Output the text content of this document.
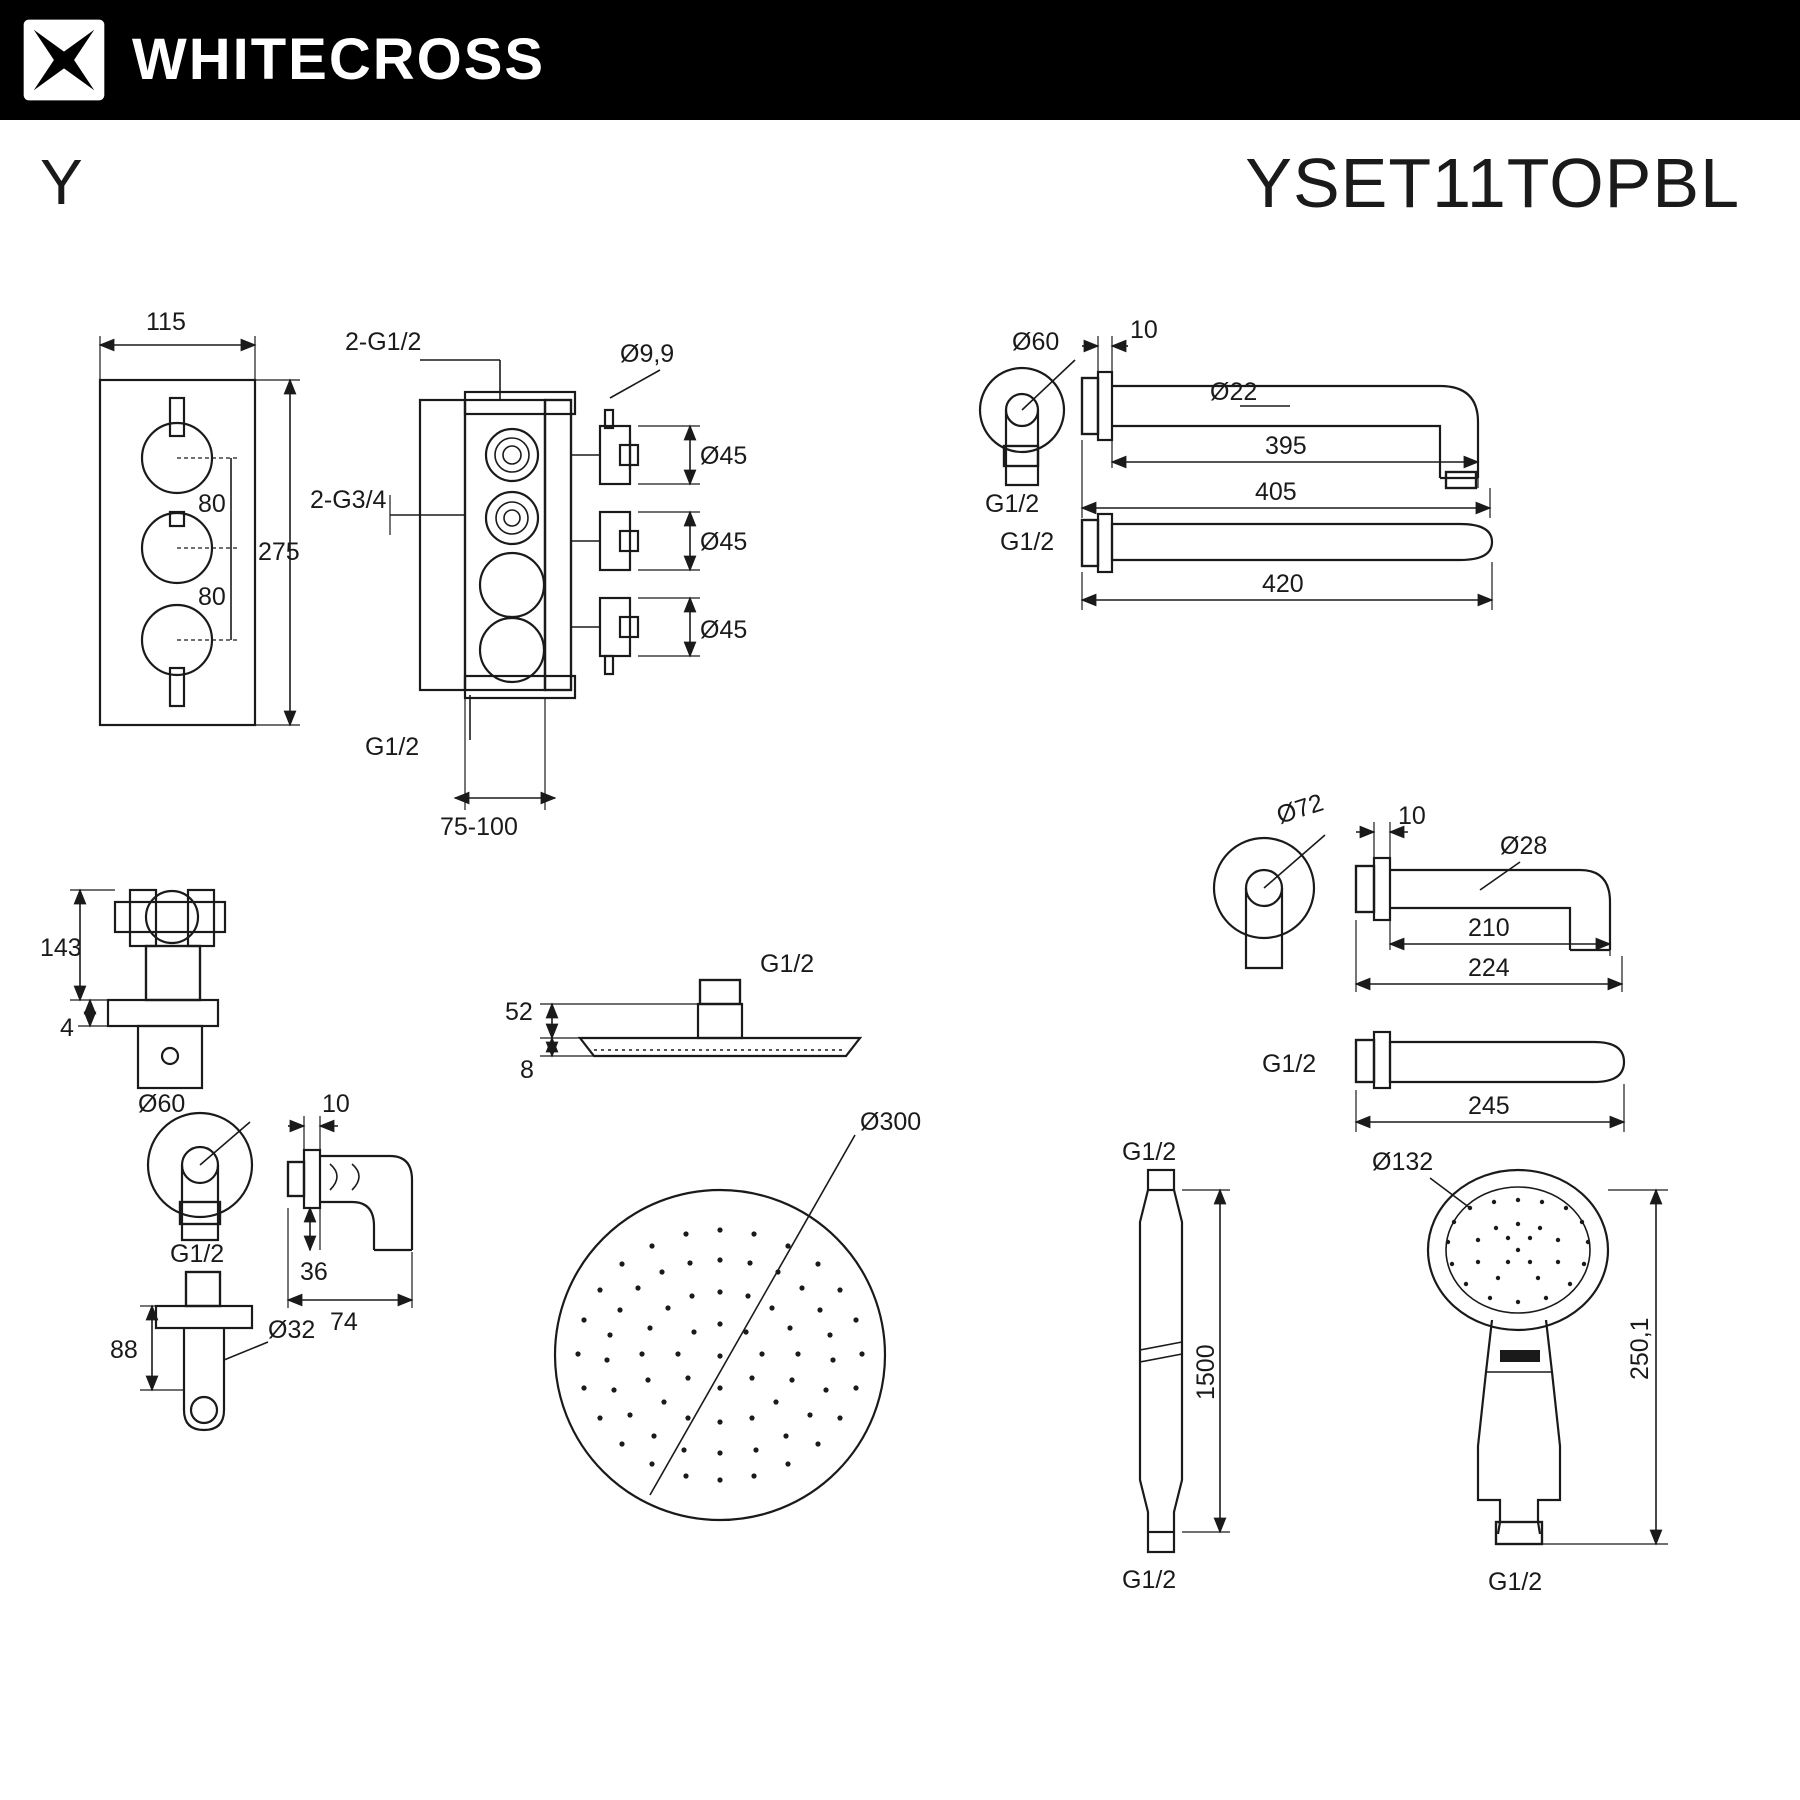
WHITECROSS
Y	YSET11TOPBL
115
275
80
80
2-G1/2
2-G3/4
G1/2
Ø9,9
Ø45
Ø45
Ø45
75-100
143
4
Ø60
G1/2
Ø22
395
405
10
G1/2
420
Ø72
Ø28
10
210
224
G1/2
245
Ø60
G1/2
88
Ø32
10
36
74
G1/2
52
8
Ø300
G1/2
G1/2
1500
Ø132
250,1
G1/2
